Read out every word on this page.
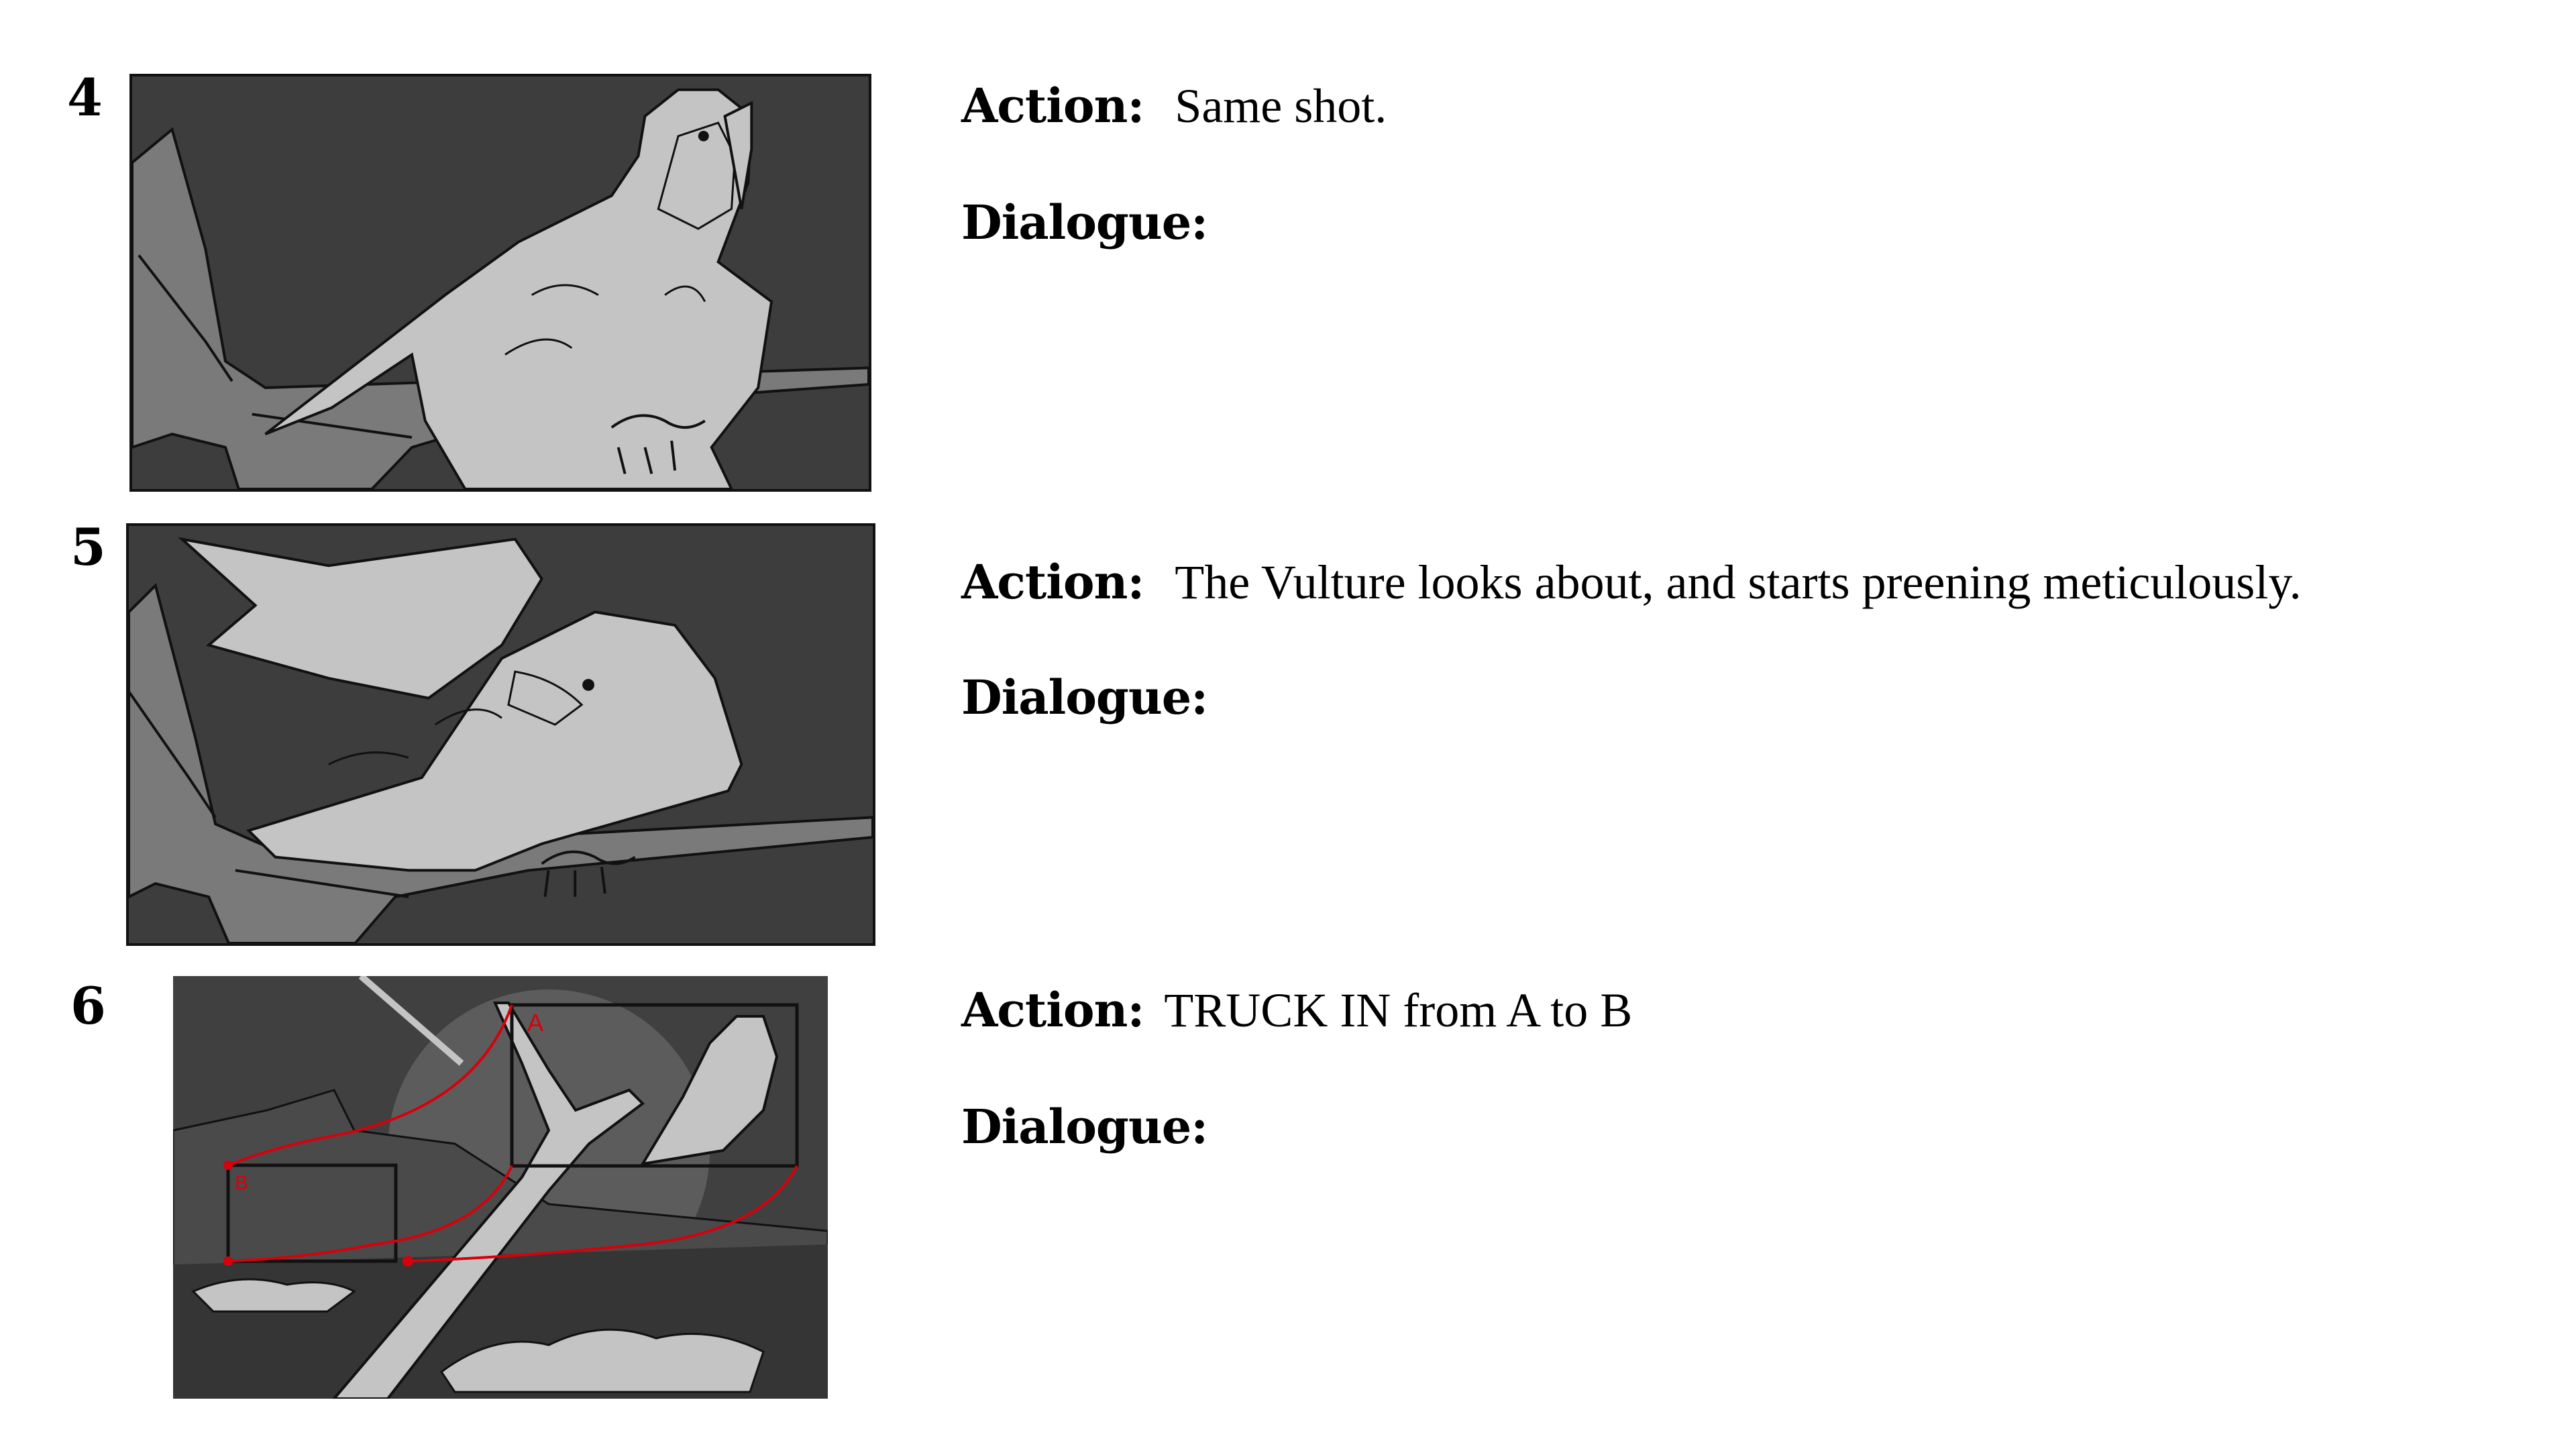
4	Action: Same shot.
Dialogue:
5
Action: The Vulture looks about, and starts preening meticulously.
Dialogue:
6	A
B
Action: TRUCK IN from A to B
Dialogue:
